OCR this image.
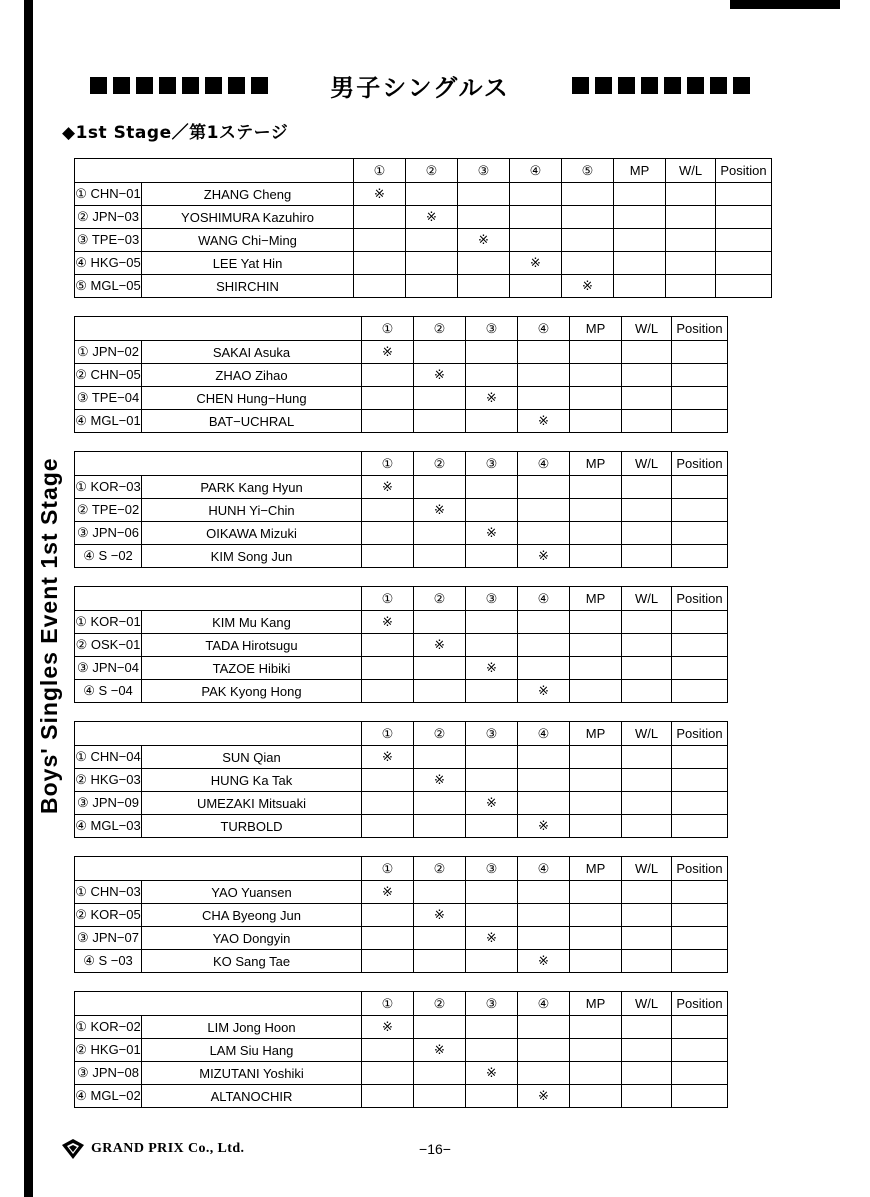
Boys' Singles Event 1st Stage
男子シングルス
◆1st Stage／第1ステージ
A GROUP		①	②	③	④	⑤	MP	W/L	Position
① CHN−01	ZHANG Cheng	※							
② JPN−03	YOSHIMURA Kazuhiro		※						
③ TPE−03	WANG Chi−Ming			※					
④ HKG−05	LEE Yat Hin				※				
⑤ MGL−05	SHIRCHIN					※			
B GROUP		①	②	③	④	MP	W/L	Position
① JPN−02	SAKAI Asuka	※						
② CHN−05	ZHAO Zihao		※					
③ TPE−04	CHEN Hung−Hung			※				
④ MGL−01	BAT−UCHRAL				※			
C GROUP		①	②	③	④	MP	W/L	Position
① KOR−03	PARK Kang Hyun	※						
② TPE−02	HUNH Yi−Chin		※					
③ JPN−06	OIKAWA Mizuki			※				
④ S −02	KIM Song Jun				※			
D GROUP		①	②	③	④	MP	W/L	Position
① KOR−01	KIM Mu Kang	※						
② OSK−01	TADA Hirotsugu		※					
③ JPN−04	TAZOE Hibiki			※				
④ S −04	PAK Kyong Hong				※			
E GROUP		①	②	③	④	MP	W/L	Position
① CHN−04	SUN Qian	※						
② HKG−03	HUNG Ka Tak		※					
③ JPN−09	UMEZAKI Mitsuaki			※				
④ MGL−03	TURBOLD				※			
F GROUP		①	②	③	④	MP	W/L	Position
① CHN−03	YAO Yuansen	※						
② KOR−05	CHA Byeong Jun		※					
③ JPN−07	YAO Dongyin			※				
④ S −03	KO Sang Tae				※			
G GROUP		①	②	③	④	MP	W/L	Position
① KOR−02	LIM Jong Hoon	※						
② HKG−01	LAM Siu Hang		※					
③ JPN−08	MIZUTANI Yoshiki			※				
④ MGL−02	ALTANOCHIR				※			
GRAND PRIX Co., Ltd.	−16−
